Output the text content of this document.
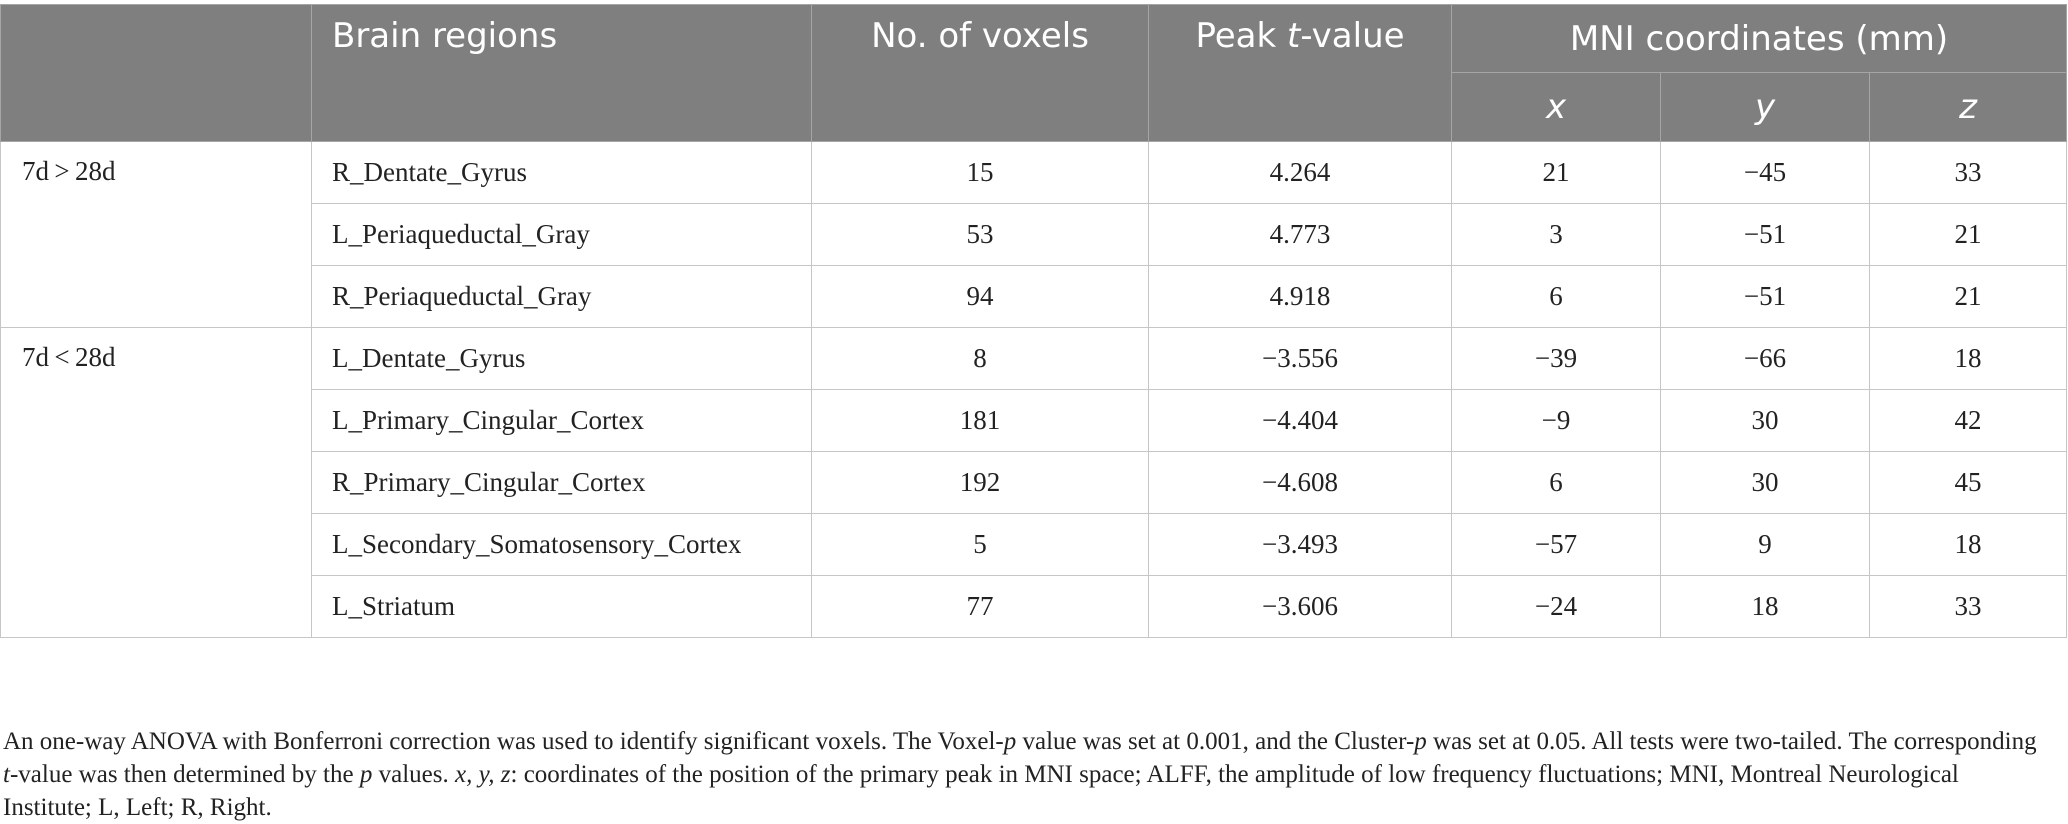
	Brain regions	No. of voxels	Peak t-value	MNI coordinates (mm)		
				x	y	z
7d > 28d	R_Dentate_Gyrus	15	4.264	21	−45	33
	L_Periaqueductal_Gray	53	4.773	3	−51	21
	R_Periaqueductal_Gray	94	4.918	6	−51	21
7d < 28d	L_Dentate_Gyrus	8	−3.556	−39	−66	18
	L_Primary_Cingular_Cortex	181	−4.404	−9	30	42
	R_Primary_Cingular_Cortex	192	−4.608	6	30	45
	L_Secondary_Somatosensory_Cortex	5	−3.493	−57	9	18
	L_Striatum	77	−3.606	−24	18	33

An one-way ANOVA with Bonferroni correction was used to identify significant voxels. The Voxel-p value was set at 0.001, and the Cluster-p was set at 0.05. All tests were two-tailed. The corresponding t-value was then determined by the p values. x, y, z: coordinates of the position of the primary peak in MNI space; ALFF, the amplitude of low frequency fluctuations; MNI, Montreal Neurological Institute; L, Left; R, Right.
